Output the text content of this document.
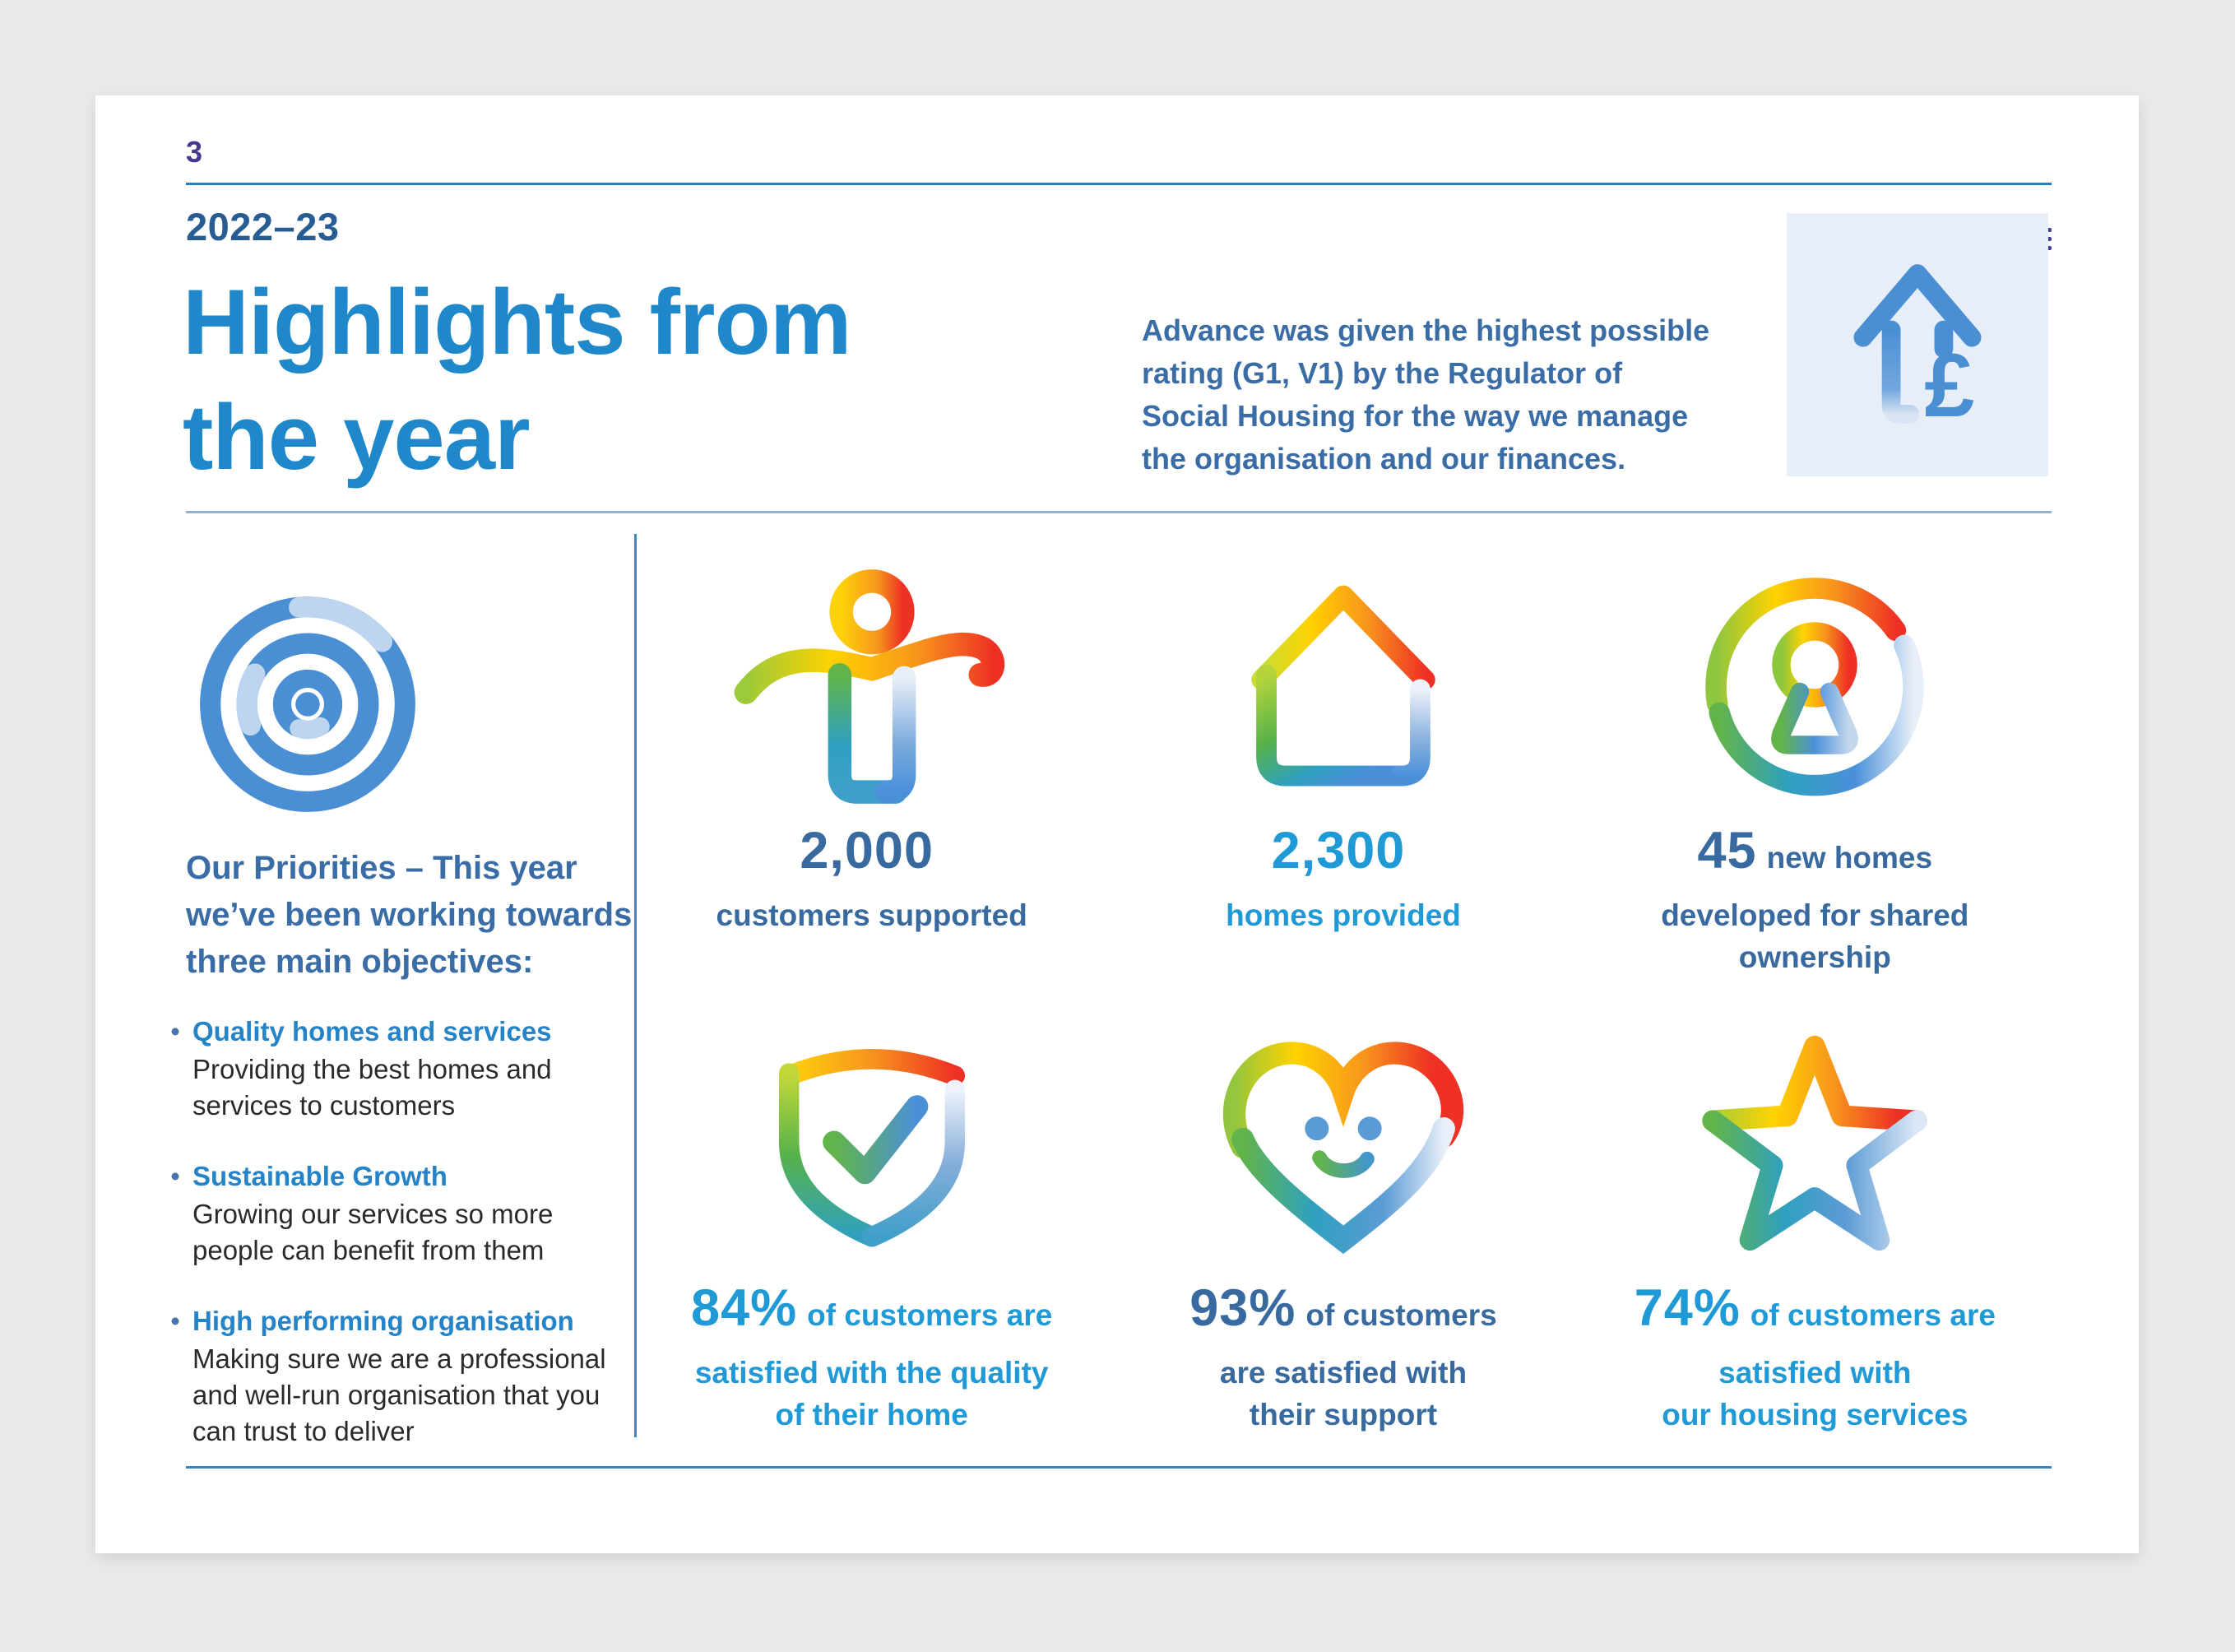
3
2022–23
Highlights from
the year
Advance was given the highest possible
rating (G1, V1) by the Regulator of
Social Housing for the way we manage
the organisation and our finances.
£
Our Priorities – This year
we’ve been working towards
three main objectives:
• Quality homes and services
Providing the best homes and
services to customers
• Sustainable Growth
Growing our services so more
people can benefit from them
• High performing organisation
Making sure we are a professional
and well-run organisation that you
can trust to deliver
2,000
customers supported
2,300
homes provided
45 new homes
developed for shared
ownership
84% of customers are
satisfied with the quality
of their home
93% of customers
are satisfied with
their support
74% of customers are
satisfied with
our housing services
